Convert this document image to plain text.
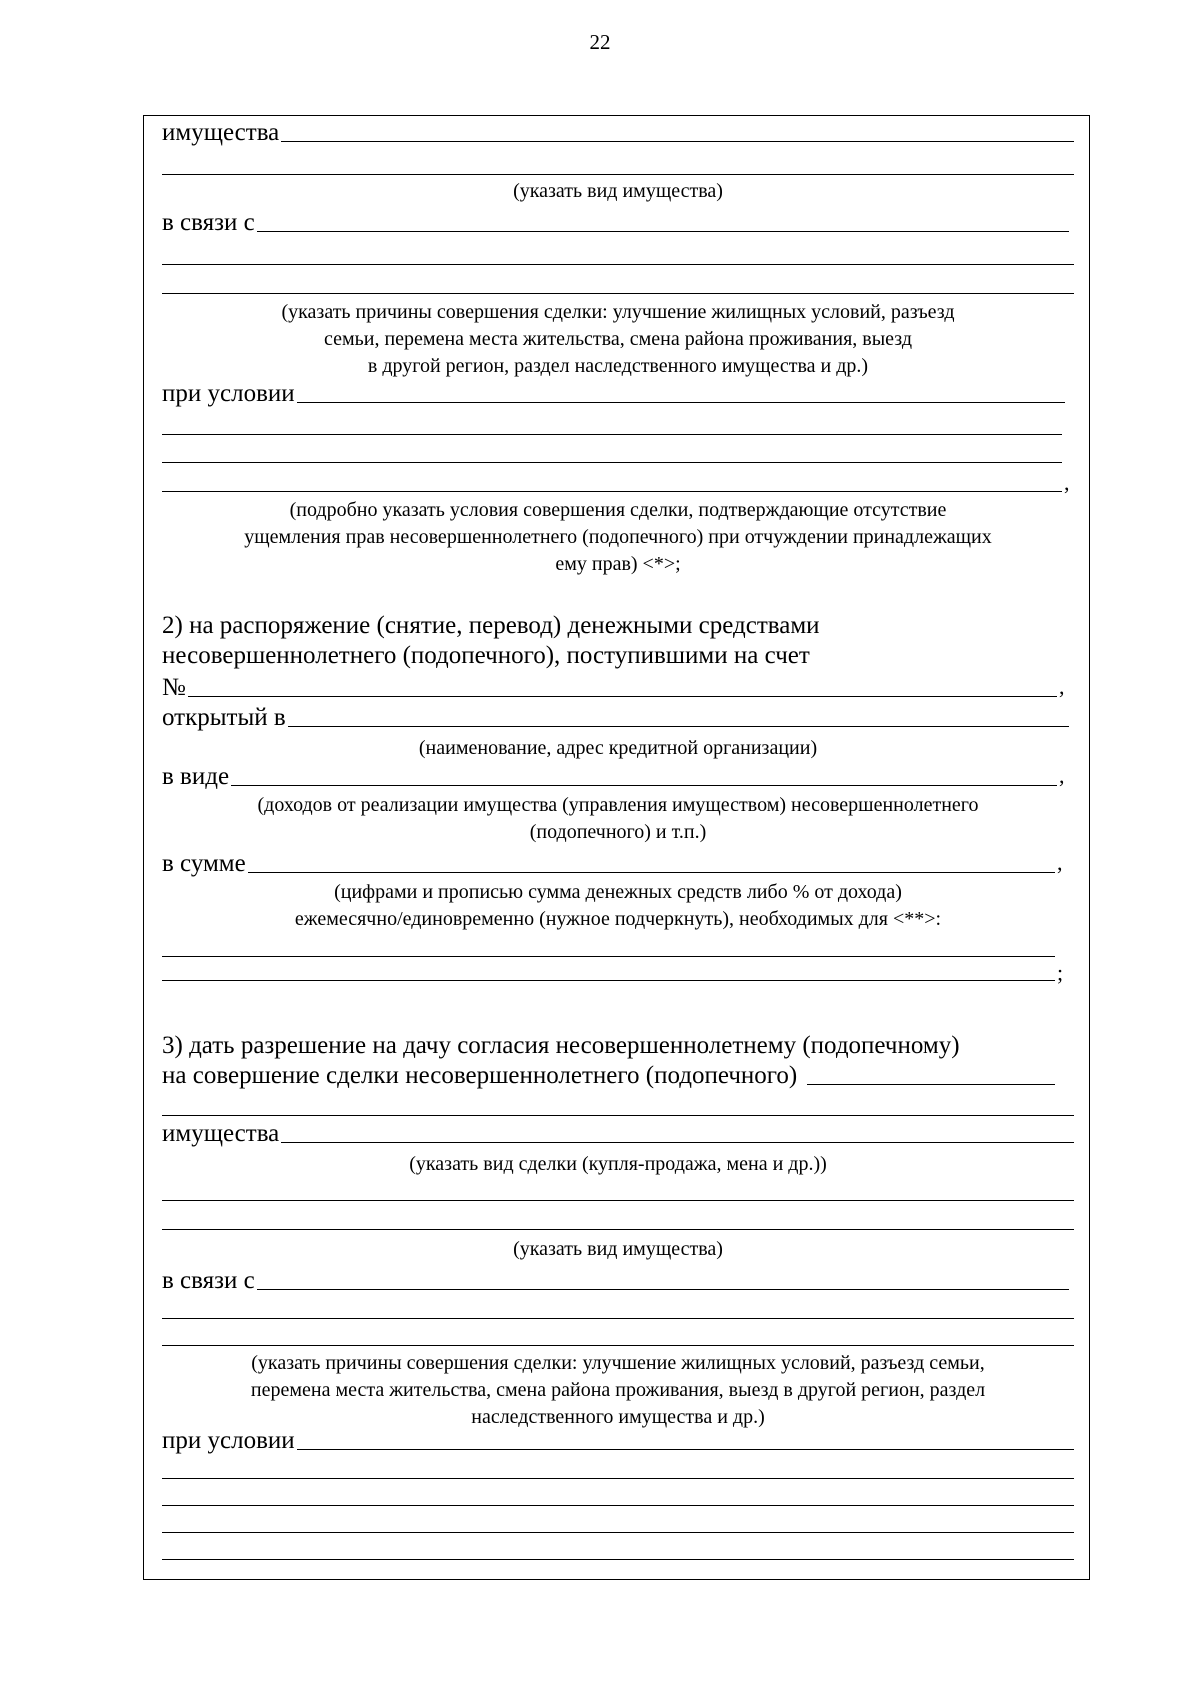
22
имущества
(указать вид имущества)
в связи с
(указать причины совершения сделки: улучшение жилищных условий, разъезд
семьи, перемена места жительства, смена района проживания, выезд
в другой регион, раздел наследственного имущества и др.)
при условии
,
(подробно указать условия совершения сделки, подтверждающие отсутствие
ущемления прав несовершеннолетнего (подопечного) при отчуждении принадлежащих
ему прав) <*>;
2) на распоряжение (снятие, перевод) денежными средствами
несовершеннолетнего (подопечного), поступившими на счет
№	,
открытый в
(наименование, адрес кредитной организации)
в виде	,
(доходов от реализации имущества (управления имуществом) несовершеннолетнего
(подопечного) и т.п.)
в сумме	,
(цифрами и прописью сумма денежных средств либо % от дохода)
ежемесячно/единовременно (нужное подчеркнуть), необходимых для <**>:
;
3) дать разрешение на дачу согласия несовершеннолетнему (подопечному)
на совершение сделки несовершеннолетнего (подопечного)
имущества
(указать вид сделки (купля-продажа, мена и др.))
(указать вид имущества)
в связи с
(указать причины совершения сделки: улучшение жилищных условий, разъезд семьи,
перемена места жительства, смена района проживания, выезд в другой регион, раздел
наследственного имущества и др.)
при условии
